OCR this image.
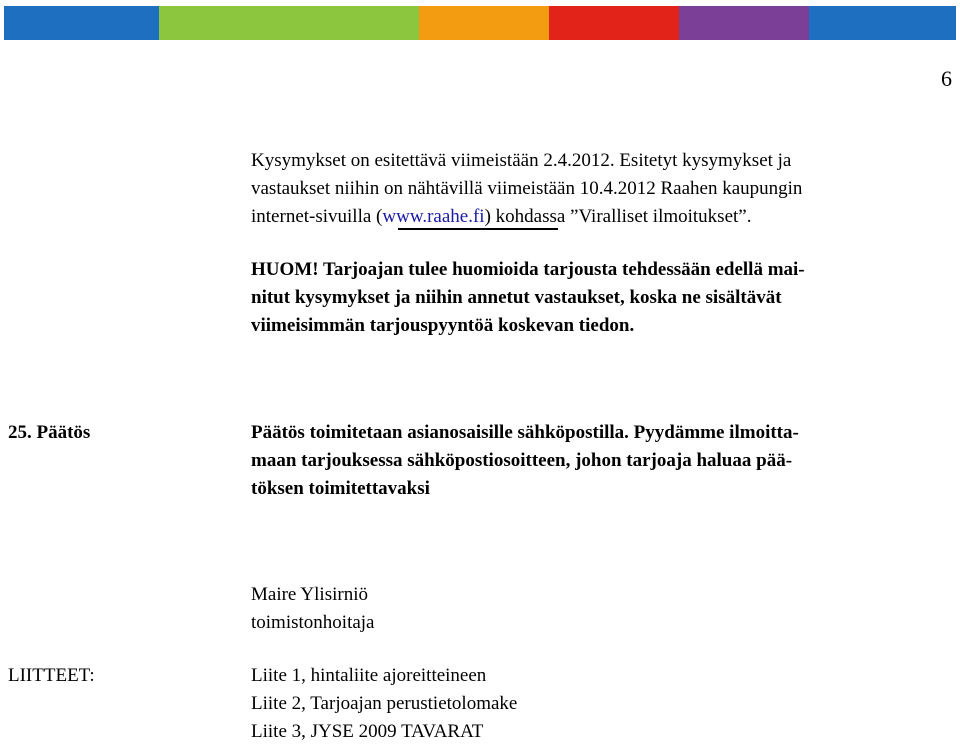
6
Kysymykset on esitettävä viimeistään 2.4.2012. Esitetyt kysymykset ja
vastaukset niihin on nähtävillä viimeistään 10.4.2012 Raahen kaupungin
internet-sivuilla (www.raahe.fi) kohdassa ”Viralliset ilmoitukset”.
HUOM! Tarjoajan tulee huomioida tarjousta tehdessään edellä mai-
nitut kysymykset ja niihin annetut vastaukset, koska ne sisältävät
viimeisimmän tarjouspyyntöä koskevan tiedon.
25. Päätös	Päätös toimitetaan asianosaisille sähköpostilla. Pyydämme ilmoitta-
maan tarjouksessa sähköpostiosoitteen, johon tarjoaja haluaa pää-
töksen toimitettavaksi
Maire Ylisirniö
toimistonhoitaja
LIITTEET:	Liite 1, hintaliite ajoreitteineen
Liite 2, Tarjoajan perustietolomake
Liite 3, JYSE 2009 TAVARAT
